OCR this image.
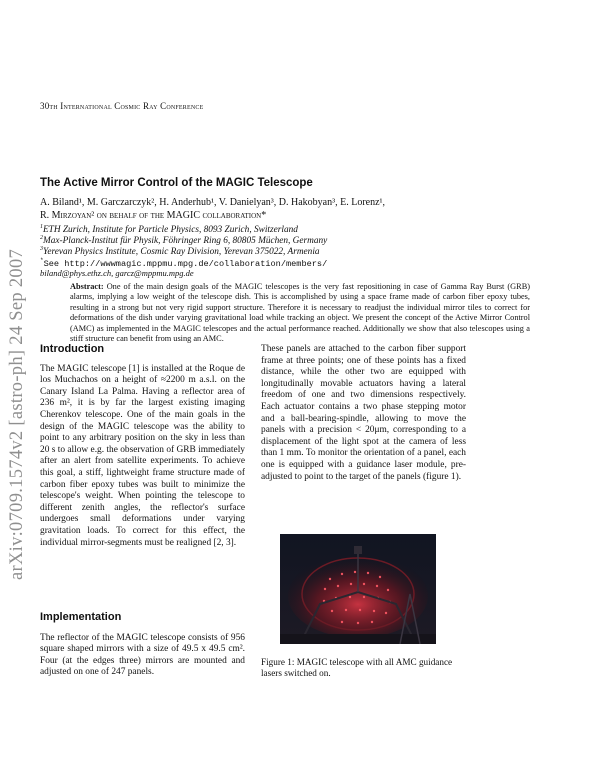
30th International Cosmic Ray Conference
arXiv:0709.1574v2 [astro-ph] 24 Sep 2007
The Active Mirror Control of the MAGIC Telescope
A. Biland¹, M. Garczarczyk², H. Anderhub¹, V. Danielyan³, D. Hakobyan³, E. Lorenz¹,
R. Mirzoyan² on behalf of the MAGIC collaboration*
$^1$ETH Zurich, Institute for Particle Physics, 8093 Zurich, Switzerland
$^2$Max-Planck-Institut für Physik, Föhringer Ring 6, 80805 Müchen, Germany
$^3$Yerevan Physics Institute, Cosmic Ray Division, Yerevan 375022, Armenia
*See http://wwwmagic.mppmu.mpg.de/collaboration/members/
biland@phys.ethz.ch, garcz@mppmu.mpg.de
Abstract: One of the main design goals of the MAGIC telescopes is the very fast repositioning in case of Gamma Ray Burst (GRB) alarms, implying a low weight of the telescope dish. This is accomplished by using a space frame made of carbon fiber epoxy tubes, resulting in a strong but not very rigid support structure. Therefore it is necessary to readjust the individual mirror tiles to correct for deformations of the dish under varying gravitational load while tracking an object. We present the concept of the Active Mirror Control (AMC) as implemented in the MAGIC telescopes and the actual performance reached. Additionally we show that also telescopes using a stiff structure can benefit from using an AMC.
Introduction
The MAGIC telescope [1] is installed at the Roque de los Muchachos on a height of ≈2200 m a.s.l. on the Canary Island La Palma. Having a reflector area of 236 m², it is by far the largest existing imaging Cherenkov telescope. One of the main goals in the design of the MAGIC telescope was the ability to point to any arbitrary position on the sky in less than 20 s to allow e.g. the observation of GRB immediately after an alert from satellite experiments. To achieve this goal, a stiff, lightweight frame structure made of carbon fiber epoxy tubes was built to minimize the telescope's weight. When pointing the telescope to different zenith angles, the reflector's surface undergoes small deformations under varying gravitation loads. To correct for this effect, the individual mirror-segments must be realigned [2, 3].
Implementation
The reflector of the MAGIC telescope consists of 956 square shaped mirrors with a size of 49.5 x 49.5 cm². Four (at the edges three) mirrors are mounted and adjusted on one of 247 panels.
These panels are attached to the carbon fiber support frame at three points; one of these points has a fixed distance, while the other two are equipped with longitudinally movable actuators having a lateral freedom of one and two dimensions respectively. Each actuator contains a two phase stepping motor and a ball-bearing-spindle, allowing to move the panels with a precision < 20μm, corresponding to a displacement of the light spot at the camera of less than 1 mm. To monitor the orientation of a panel, each one is equipped with a guidance laser module, pre-adjusted to point to the target of the panels (figure 1).
Figure 1: MAGIC telescope with all AMC guidance lasers switched on.
